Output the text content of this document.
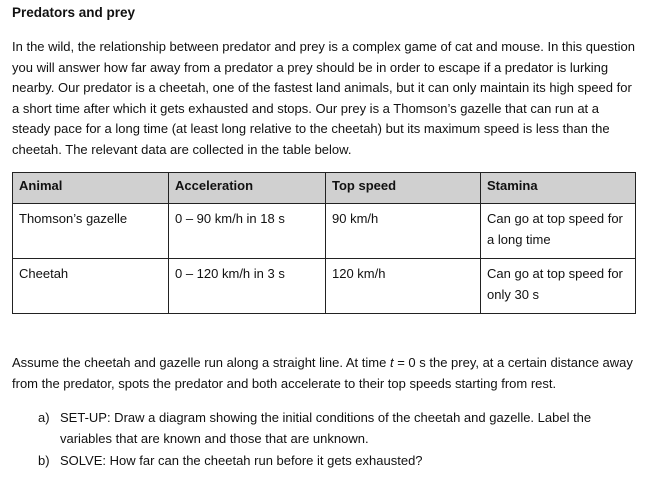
Predators and prey

In the wild, the relationship between predator and prey is a complex game of cat and mouse. In this question you will answer how far away from a predator a prey should be in order to escape if a predator is lurking nearby. Our predator is a cheetah, one of the fastest land animals, but it can only maintain its high speed for a short time after which it gets exhausted and stops. Our prey is a Thomson’s gazelle that can run at a steady pace for a long time (at least long relative to the cheetah) but its maximum speed is less than the cheetah. The relevant data are collected in the table below.

Animal	Acceleration	Top speed	Stamina
Thomson’s gazelle	0 – 90 km/h in 18 s	90 km/h	Can go at top speed for a long time
Cheetah	0 – 120 km/h in 3 s	120 km/h	Can go at top speed for only 30 s

Assume the cheetah and gazelle run along a straight line. At time t = 0 s the prey, at a certain distance away from the predator, spots the predator and both accelerate to their top speeds starting from rest.

a) SET-UP: Draw a diagram showing the initial conditions of the cheetah and gazelle. Label the variables that are known and those that are unknown.
b) SOLVE: How far can the cheetah run before it gets exhausted?
